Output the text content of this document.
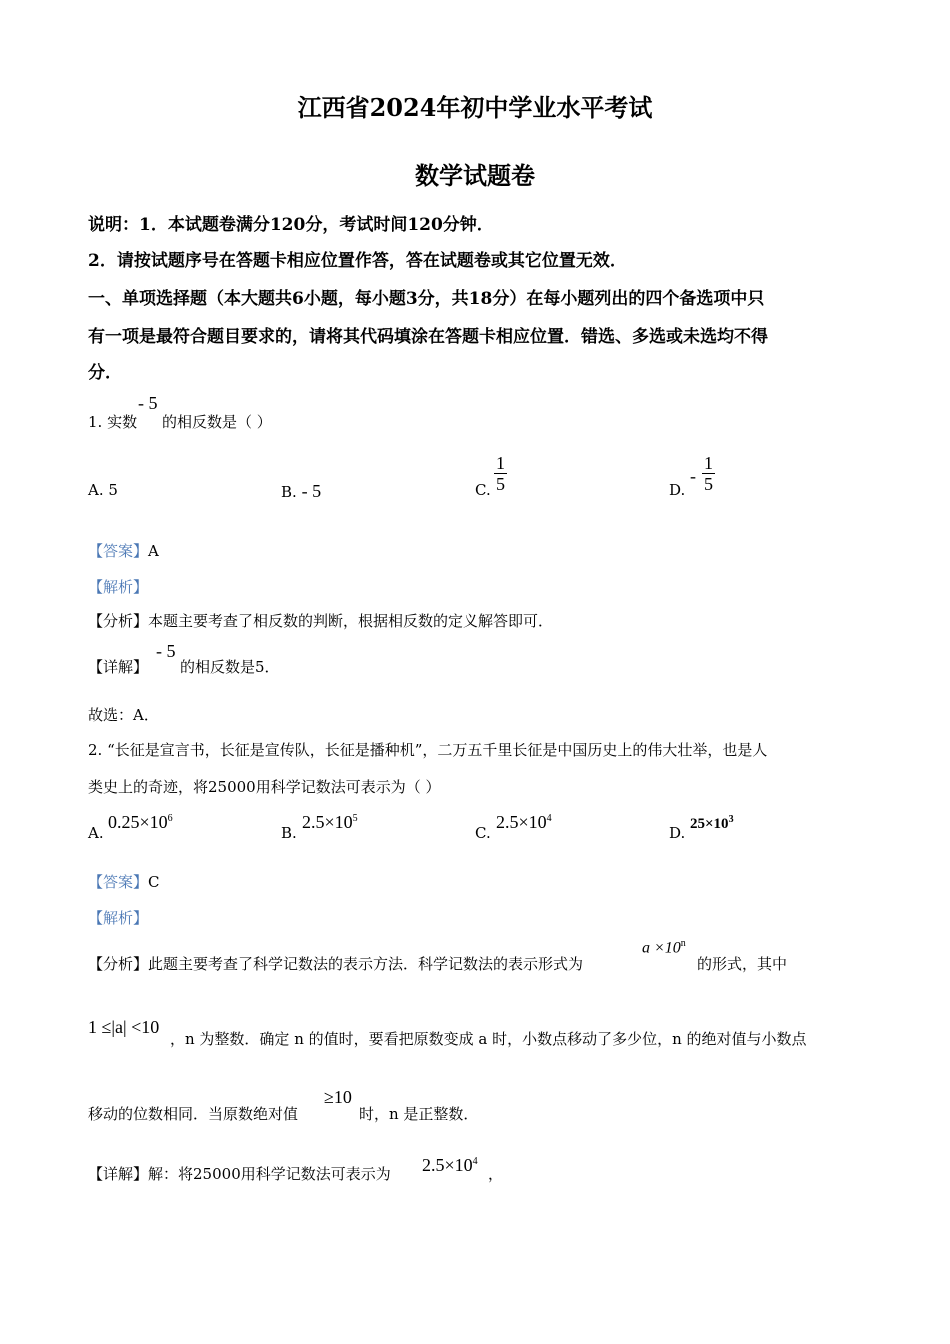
江西省2024年初中学业水平考试
数学试题卷
说明：1．本试题卷满分120分，考试时间120分钟．
2．请按试题序号在答题卡相应位置作答，答在试题卷或其它位置无效．
一、单项选择题（本大题共6小题，每小题3分，共18分）在每小题列出的四个备选项中只
有一项是最符合题目要求的，请将其代码填涂在答题卡相应位置．错选、多选或未选均不得
分．
1. 实数
- 5
的相反数是（ ）
A. 5	B. - 5	C. $\frac{1}{5}$	D.
- $\frac{1}{5}$
【答案】A
【解析】
【分析】本题主要考查了相反数的判断，根据相反数的定义解答即可．
【详解】
- 5
的相反数是5．
故选：A．
2. “长征是宣言书，长征是宣传队，长征是播种机”，二万五千里长征是中国历史上的伟大壮举，也是人
类史上的奇迹，将25000用科学记数法可表示为（ ）
A.
$0.25\times 10^6$
B.
$2.5\times 10^5$
C.
$2.5\times 10^4$
D. $25\times 10^3$
【答案】C
【解析】
【分析】此题主要考查了科学记数法的表示方法．科学记数法的表示形式为
$a \times 10^n$
的形式，其中
1 ≤|a| <10
，n 为整数．确定 n 的值时，要看把原数变成 a 时，小数点移动了多少位，n 的绝对值与小数点
移动的位数相同．当原数绝对值
≥10
时，n 是正整数．
【详解】解：将25000用科学记数法可表示为 $2.5\times 10^4$
，
